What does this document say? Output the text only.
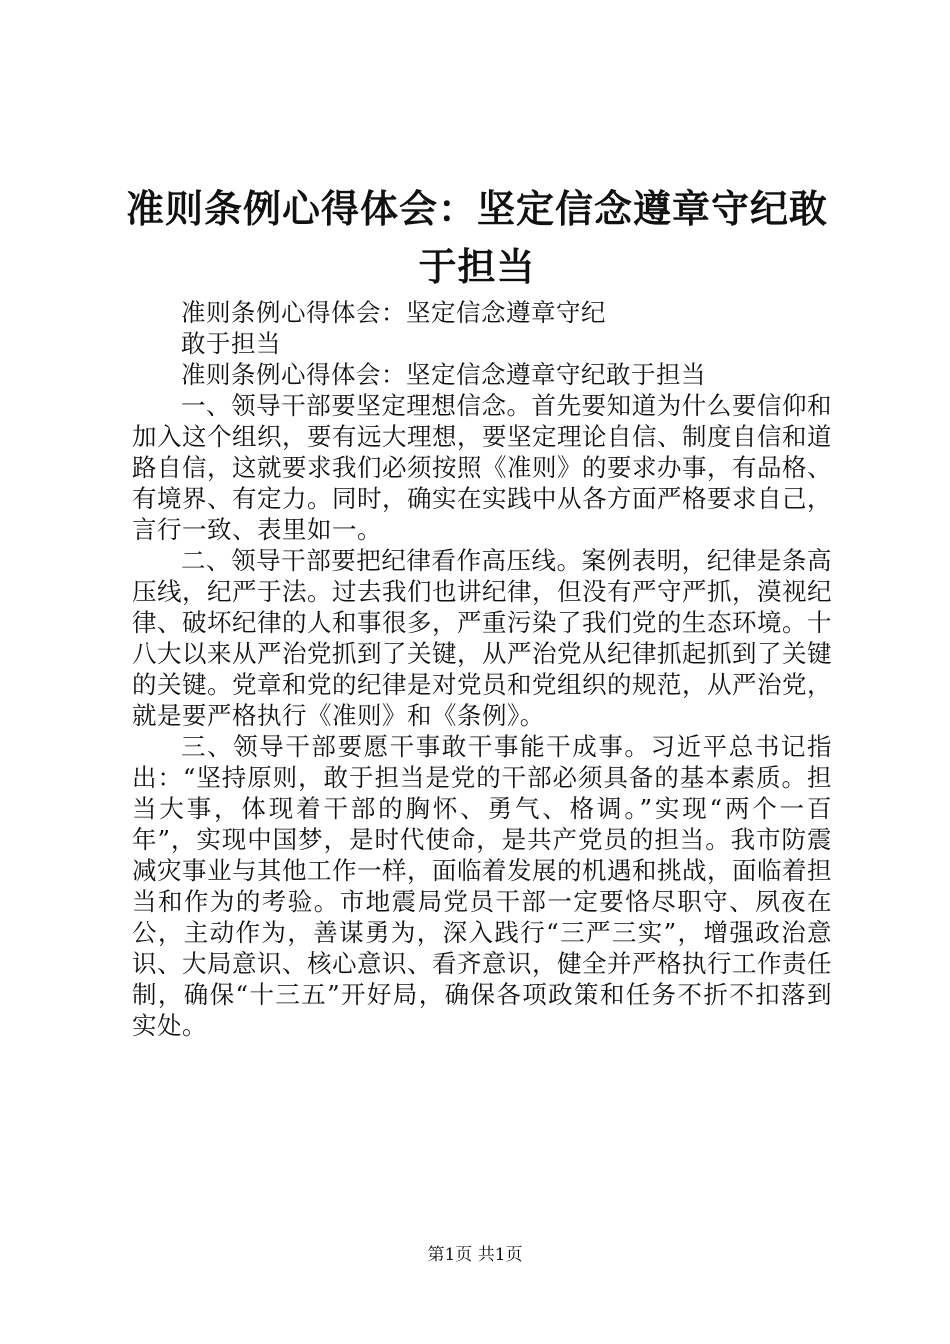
准则条例心得体会：坚定信念遵章守纪敢于担当

准则条例心得体会：坚定信念遵章守纪

敢于担当

准则条例心得体会：坚定信念遵章守纪敢于担当

一、领导干部要坚定理想信念。首先要知道为什么要信仰和加入这个组织，要有远大理想，要坚定理论自信、制度自信和道路自信，这就要求我们必须按照《准则》的要求办事，有品格、有境界、有定力。同时，确实在实践中从各方面严格要求自己，言行一致、表里如一。

二、领导干部要把纪律看作高压线。案例表明，纪律是条高压线，纪严于法。过去我们也讲纪律，但没有严守严抓，漠视纪律、破坏纪律的人和事很多，严重污染了我们党的生态环境。十八大以来从严治党抓到了关键，从严治党从纪律抓起抓到了关键的关键。党章和党的纪律是对党员和党组织的规范，从严治党，就是要严格执行《准则》和《条例》。

三、领导干部要愿干事敢干事能干成事。习近平总书记指出：“坚持原则，敢于担当是党的干部必须具备的基本素质。担当大事，体现着干部的胸怀、勇气、格调。”实现“两个一百年”，实现中国梦，是时代使命，是共产党员的担当。我市防震减灾事业与其他工作一样，面临着发展的机遇和挑战，面临着担当和作为的考验。市地震局党员干部一定要恪尽职守、夙夜在公，主动作为，善谋勇为，深入践行“三严三实”，增强政治意识、大局意识、核心意识、看齐意识，健全并严格执行工作责任制，确保“十三五”开好局，确保各项政策和任务不折不扣落到实处。

第1页 共1页
